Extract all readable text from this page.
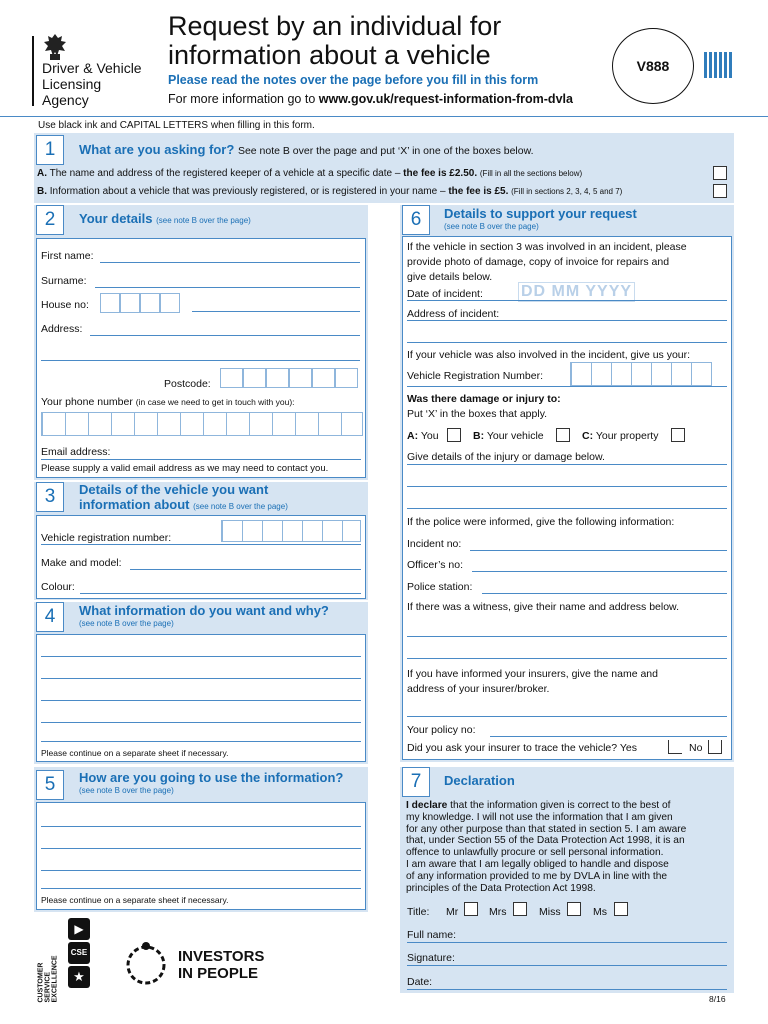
Driver & Vehicle
Licensing
Agency
Request by an individual for
information about a vehicle
Please read the notes over the page before you fill in this form
For more information go to www.gov.uk/request-information-from-dvla
V888
Use black ink and CAPITAL LETTERS when filling in this form.
1	What are you asking for? See note B over the page and put ‘X’ in one of the boxes below.
A. The name and address of the registered keeper of a vehicle at a specific date – the fee is £2.50. (Fill in all the sections below)
B. Information about a vehicle that was previously registered, or is registered in your name – the fee is £5. (Fill in sections 2, 3, 4, 5 and 7)
2	Your details (see note B over the page)
First name:
Surname:
House no:
Address:
Postcode:
Your phone number (in case we need to get in touch with you):
Email address:
Please supply a valid email address as we may need to contact you.
3	Details of the vehicle you want
information about (see note B over the page)
Vehicle registration number:
Make and model:
Colour:
4	What information do you want and why?
(see note B over the page)
Please continue on a separate sheet if necessary.
5	How are you going to use the information?
(see note B over the page)
Please continue on a separate sheet if necessary.
6	Details to support your request
(see note B over the page)
If the vehicle in section 3 was involved in an incident, please
provide photo of damage, copy of invoice for repairs and
give details below.
Date of incident: DD MM YYYY
Address of incident:
If your vehicle was also involved in the incident, give us your:
Vehicle Registration Number:
Was there damage or injury to:
Put ‘X’ in the boxes that apply.
A: You	B: Your vehicle	C: Your property
Give details of the injury or damage below.
If the police were informed, give the following information:
Incident no:
Officer’s no:
Police station:
If there was a witness, give their name and address below.
If you have informed your insurers, give the name and
address of your insurer/broker.
Your policy no:
Did you ask your insurer to trace the vehicle? Yes	No
7	Declaration
I declare that the information given is correct to the best of
my knowledge. I will not use the information that I am given
for any other purpose than that stated in section 5. I am aware
that, under Section 55 of the Data Protection Act 1998, it is an
offence to unlawfully procure or sell personal information.
I am aware that I am legally obliged to handle and dispose
of any information provided to me by DVLA in line with the
principles of the Data Protection Act 1998.
Title: Mr	Mrs	Miss	Ms
Full name:
Signature:
Date:
CUSTOMER SERVICE EXCELLENCE
▶
CSE
★
INVESTORS
IN PEOPLE
8/16
